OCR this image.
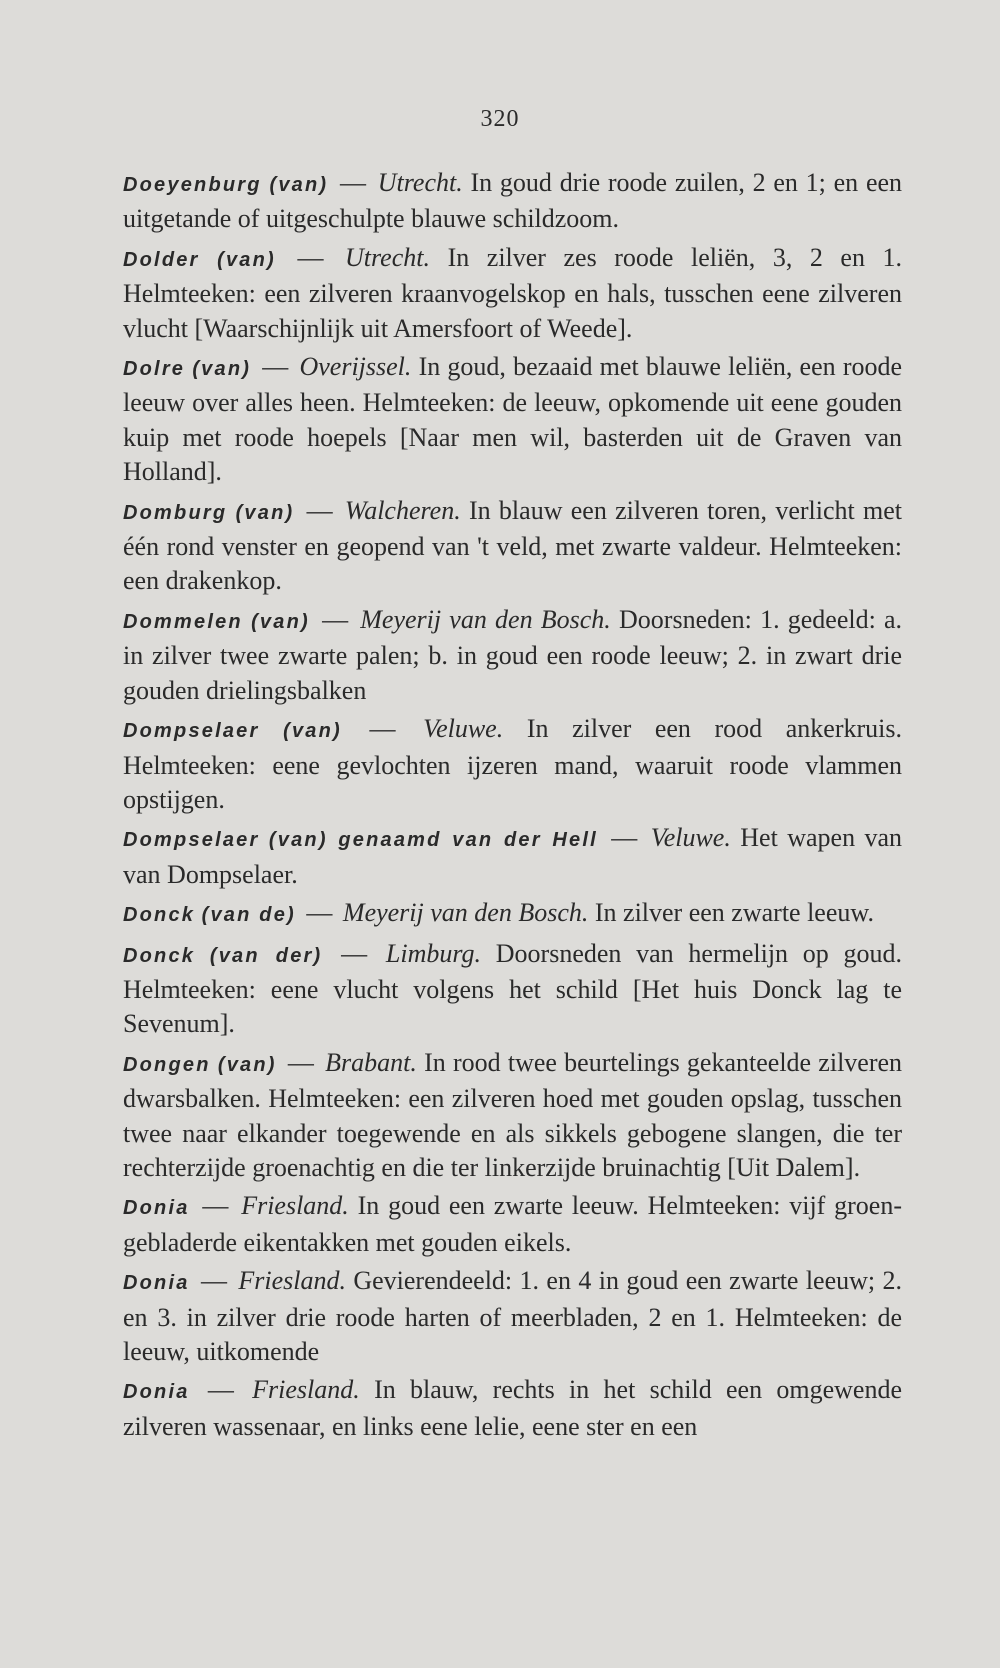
320

Doeyenburg (van) — Utrecht. In goud drie roode zuilen, 2 en 1; en een uitgetande of uitgeschulpte blauwe schildzoom.

Dolder (van) — Utrecht. In zilver zes roode leliën, 3, 2 en 1. Helmteeken: een zilveren kraanvogelskop en hals, tusschen eene zilveren vlucht [Waarschijnlijk uit Amersfoort of Weede].

Dolre (van) — Overijssel. In goud, bezaaid met blauwe leliën, een roode leeuw over alles heen. Helmteeken: de leeuw, opkomende uit eene gouden kuip met roode hoepels [Naar men wil, basterden uit de Graven van Holland].

Domburg (van) — Walcheren. In blauw een zilveren toren, verlicht met één rond venster en geopend van 't veld, met zwarte valdeur. Helmteeken: een drakenkop.

Dommelen (van) — Meyerij van den Bosch. Doorsneden: 1. gedeeld: a. in zilver twee zwarte palen; b. in goud een roode leeuw; 2. in zwart drie gouden drielingsbalken

Dompselaer (van) — Veluwe. In zilver een rood ankerkruis. Helmteeken: eene gevlochten ijzeren mand, waaruit roode vlammen opstijgen.

Dompselaer (van) genaamd van der Hell — Veluwe. Het wapen van van Dompselaer.

Donck (van de) — Meyerij van den Bosch. In zilver een zwarte leeuw.

Donck (van der) — Limburg. Doorsneden van hermelijn op goud. Helmteeken: eene vlucht volgens het schild [Het huis Donck lag te Sevenum].

Dongen (van) — Brabant. In rood twee beurtelings gekanteelde zilveren dwarsbalken. Helmteeken: een zilveren hoed met gouden opslag, tusschen twee naar elkander toegewende en als sikkels gebogene slangen, die ter rechterzijde groenachtig en die ter linkerzijde bruinachtig [Uit Dalem].

Donia — Friesland. In goud een zwarte leeuw. Helmteeken: vijf groen-gebladerde eikentakken met gouden eikels.

Donia — Friesland. Gevierendeeld: 1. en 4 in goud een zwarte leeuw; 2. en 3. in zilver drie roode harten of meerbladen, 2 en 1. Helmteeken: de leeuw, uitkomende

Donia — Friesland. In blauw, rechts in het schild een omgewende zilveren wassenaar, en links eene lelie, eene ster en een
